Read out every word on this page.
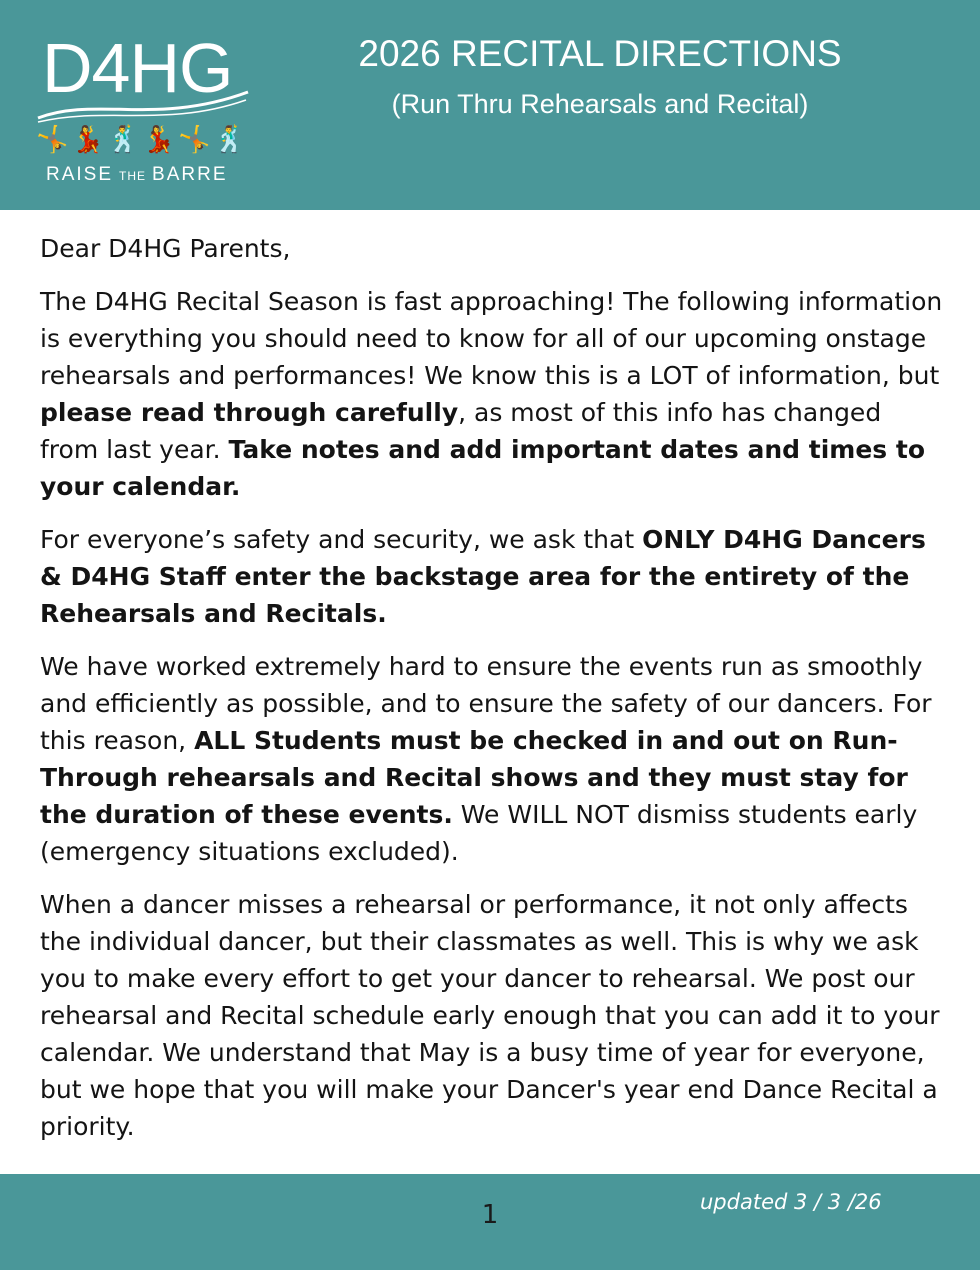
D4HG
🤸 💃 🕺 💃 🤸 🕺
RAISE THE BARRE
2026 RECITAL DIRECTIONS
(Run Thru Rehearsals and Recital)

Dear D4HG Parents,

The D4HG Recital Season is fast approaching! The following information is everything you should need to know for all of our upcoming onstage rehearsals and performances! We know this is a LOT of information, but please read through carefully, as most of this info has changed from last year. Take notes and add important dates and times to your calendar.

For everyone’s safety and security, we ask that ONLY D4HG Dancers & D4HG Staff enter the backstage area for the entirety of the Rehearsals and Recitals.

We have worked extremely hard to ensure the events run as smoothly and efficiently as possible, and to ensure the safety of our dancers. For this reason, ALL Students must be checked in and out on Run-Through rehearsals and Recital shows and they must stay for the duration of these events. We WILL NOT dismiss students early (emergency situations excluded).

When a dancer misses a rehearsal or performance, it not only affects the individual dancer, but their classmates as well. This is why we ask you to make every effort to get your dancer to rehearsal. We post our rehearsal and Recital schedule early enough that you can add it to your calendar. We understand that May is a busy time of year for everyone, but we hope that you will make your Dancer's year end Dance Recital a priority.

1	updated 3 / 3 /26
